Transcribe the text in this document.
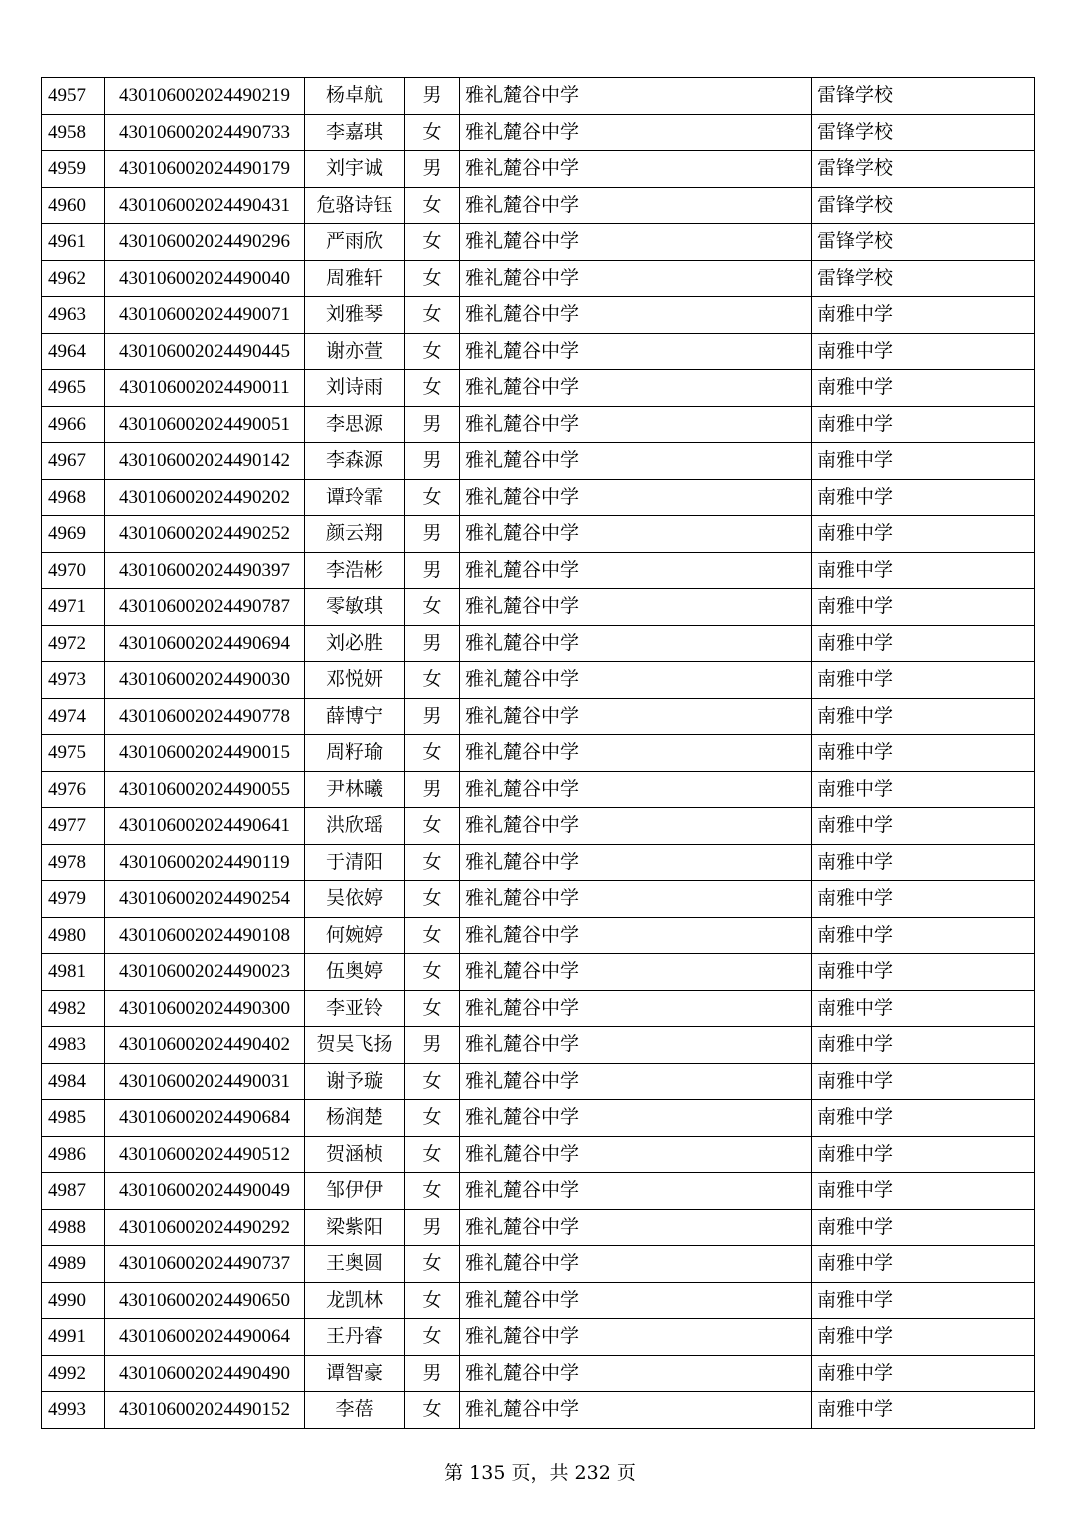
4957	430106002024490219	杨卓航	男	雅礼麓谷中学	雷锋学校
4958	430106002024490733	李嘉琪	女	雅礼麓谷中学	雷锋学校
4959	430106002024490179	刘宇诚	男	雅礼麓谷中学	雷锋学校
4960	430106002024490431	危骆诗钰	女	雅礼麓谷中学	雷锋学校
4961	430106002024490296	严雨欣	女	雅礼麓谷中学	雷锋学校
4962	430106002024490040	周雅轩	女	雅礼麓谷中学	雷锋学校
4963	430106002024490071	刘雅琴	女	雅礼麓谷中学	南雅中学
4964	430106002024490445	谢亦萱	女	雅礼麓谷中学	南雅中学
4965	430106002024490011	刘诗雨	女	雅礼麓谷中学	南雅中学
4966	430106002024490051	李思源	男	雅礼麓谷中学	南雅中学
4967	430106002024490142	李森源	男	雅礼麓谷中学	南雅中学
4968	430106002024490202	谭玲霏	女	雅礼麓谷中学	南雅中学
4969	430106002024490252	颜云翔	男	雅礼麓谷中学	南雅中学
4970	430106002024490397	李浩彬	男	雅礼麓谷中学	南雅中学
4971	430106002024490787	零敏琪	女	雅礼麓谷中学	南雅中学
4972	430106002024490694	刘必胜	男	雅礼麓谷中学	南雅中学
4973	430106002024490030	邓悦妍	女	雅礼麓谷中学	南雅中学
4974	430106002024490778	薛博宁	男	雅礼麓谷中学	南雅中学
4975	430106002024490015	周籽瑜	女	雅礼麓谷中学	南雅中学
4976	430106002024490055	尹林曦	男	雅礼麓谷中学	南雅中学
4977	430106002024490641	洪欣瑶	女	雅礼麓谷中学	南雅中学
4978	430106002024490119	于清阳	女	雅礼麓谷中学	南雅中学
4979	430106002024490254	吴依婷	女	雅礼麓谷中学	南雅中学
4980	430106002024490108	何婉婷	女	雅礼麓谷中学	南雅中学
4981	430106002024490023	伍奥婷	女	雅礼麓谷中学	南雅中学
4982	430106002024490300	李亚铃	女	雅礼麓谷中学	南雅中学
4983	430106002024490402	贺吴飞扬	男	雅礼麓谷中学	南雅中学
4984	430106002024490031	谢予璇	女	雅礼麓谷中学	南雅中学
4985	430106002024490684	杨润楚	女	雅礼麓谷中学	南雅中学
4986	430106002024490512	贺涵桢	女	雅礼麓谷中学	南雅中学
4987	430106002024490049	邹伊伊	女	雅礼麓谷中学	南雅中学
4988	430106002024490292	梁紫阳	男	雅礼麓谷中学	南雅中学
4989	430106002024490737	王奥圆	女	雅礼麓谷中学	南雅中学
4990	430106002024490650	龙凯林	女	雅礼麓谷中学	南雅中学
4991	430106002024490064	王丹睿	女	雅礼麓谷中学	南雅中学
4992	430106002024490490	谭智豪	男	雅礼麓谷中学	南雅中学
4993	430106002024490152	李蓓	女	雅礼麓谷中学	南雅中学
第 135 页，共 232 页
